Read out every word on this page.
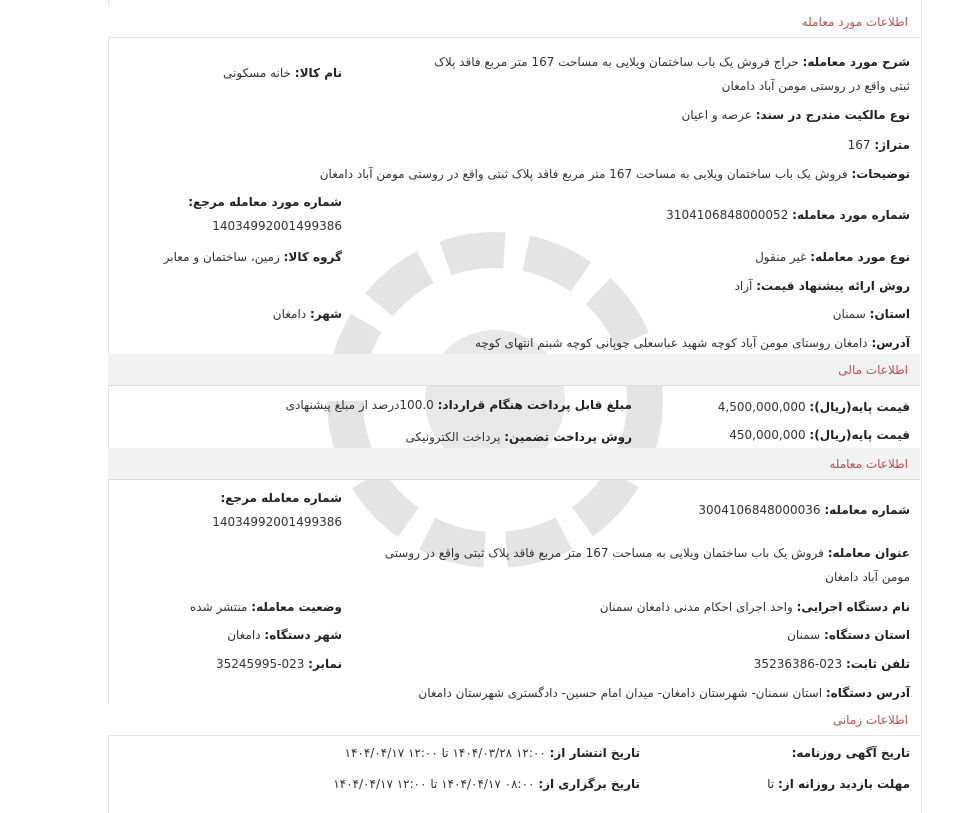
اطلاعات مورد معامله
شرح مورد معامله: حراج فروش یک باب ساختمان ویلایی به مساحت 167 متر مربع فاقد پلاک ثبتی واقع در روستی مومن آباد دامغان
نام کالا: خانه مسکونی
نوع مالکیت مندرج در سند: عرصه و اعیان
متراژ: 167
توضیحات: فروش یک باب ساختمان ویلایی به مساحت 167 متر مربع فاقد پلاک ثبتی واقع در روستی مومن آباد دامغان
شماره مورد معامله مرجع:
14034992001499386
شماره مورد معامله: 3104106848000052
نوع مورد معامله: غیر منقول
گروه کالا: زمین، ساختمان و معابر
روش ارائه پیشنهاد قیمت: آزاد
استان: سمنان
شهر: دامغان
آدرس: دامغان روستای مومن آباد کوچه شهید عباسعلی چوپانی کوچه شبنم انتهای کوچه
اطلاعات مالی
قیمت پایه(ریال): 4,500,000,000
مبلغ قابل پرداخت هنگام قرارداد: 100.0درصد از مبلغ پیشنهادی
قیمت پایه(ریال): 450,000,000
روش پرداخت تضمین: پرداخت الکترونیکی
اطلاعات معامله
شماره معامله مرجع:
14034992001499386
شماره معامله: 3004106848000036
عنوان معامله: فروش یک باب ساختمان ویلایی به مساحت 167 متر مربع فاقد پلاک ثبتی واقع در روستی مومن آباد دامغان
نام دستگاه اجرایی: واحد اجرای احکام مدنی دامغان سمنان
وضعیت معامله: منتشر شده
استان دستگاه: سمنان
شهر دستگاه: دامغان
تلفن ثابت: 023-35236386
نمابر: 023-35245995
آدرس دستگاه: استان سمنان- شهرستان دامغان- میدان امام حسین- دادگستری شهرستان دامغان
اطلاعات زمانی
تاریخ آگهی روزنامه:
تاریخ انتشار از: ۱۲:۰۰ ۱۴۰۴/۰۳/۲۸ تا ۱۲:۰۰ ۱۴۰۴/۰۴/۱۷
مهلت بازدید روزانه از: تا
تاریخ برگزاری از: ۰۸:۰۰ ۱۴۰۴/۰۴/۱۷ تا ۱۲:۰۰ ۱۴۰۴/۰۴/۱۷
